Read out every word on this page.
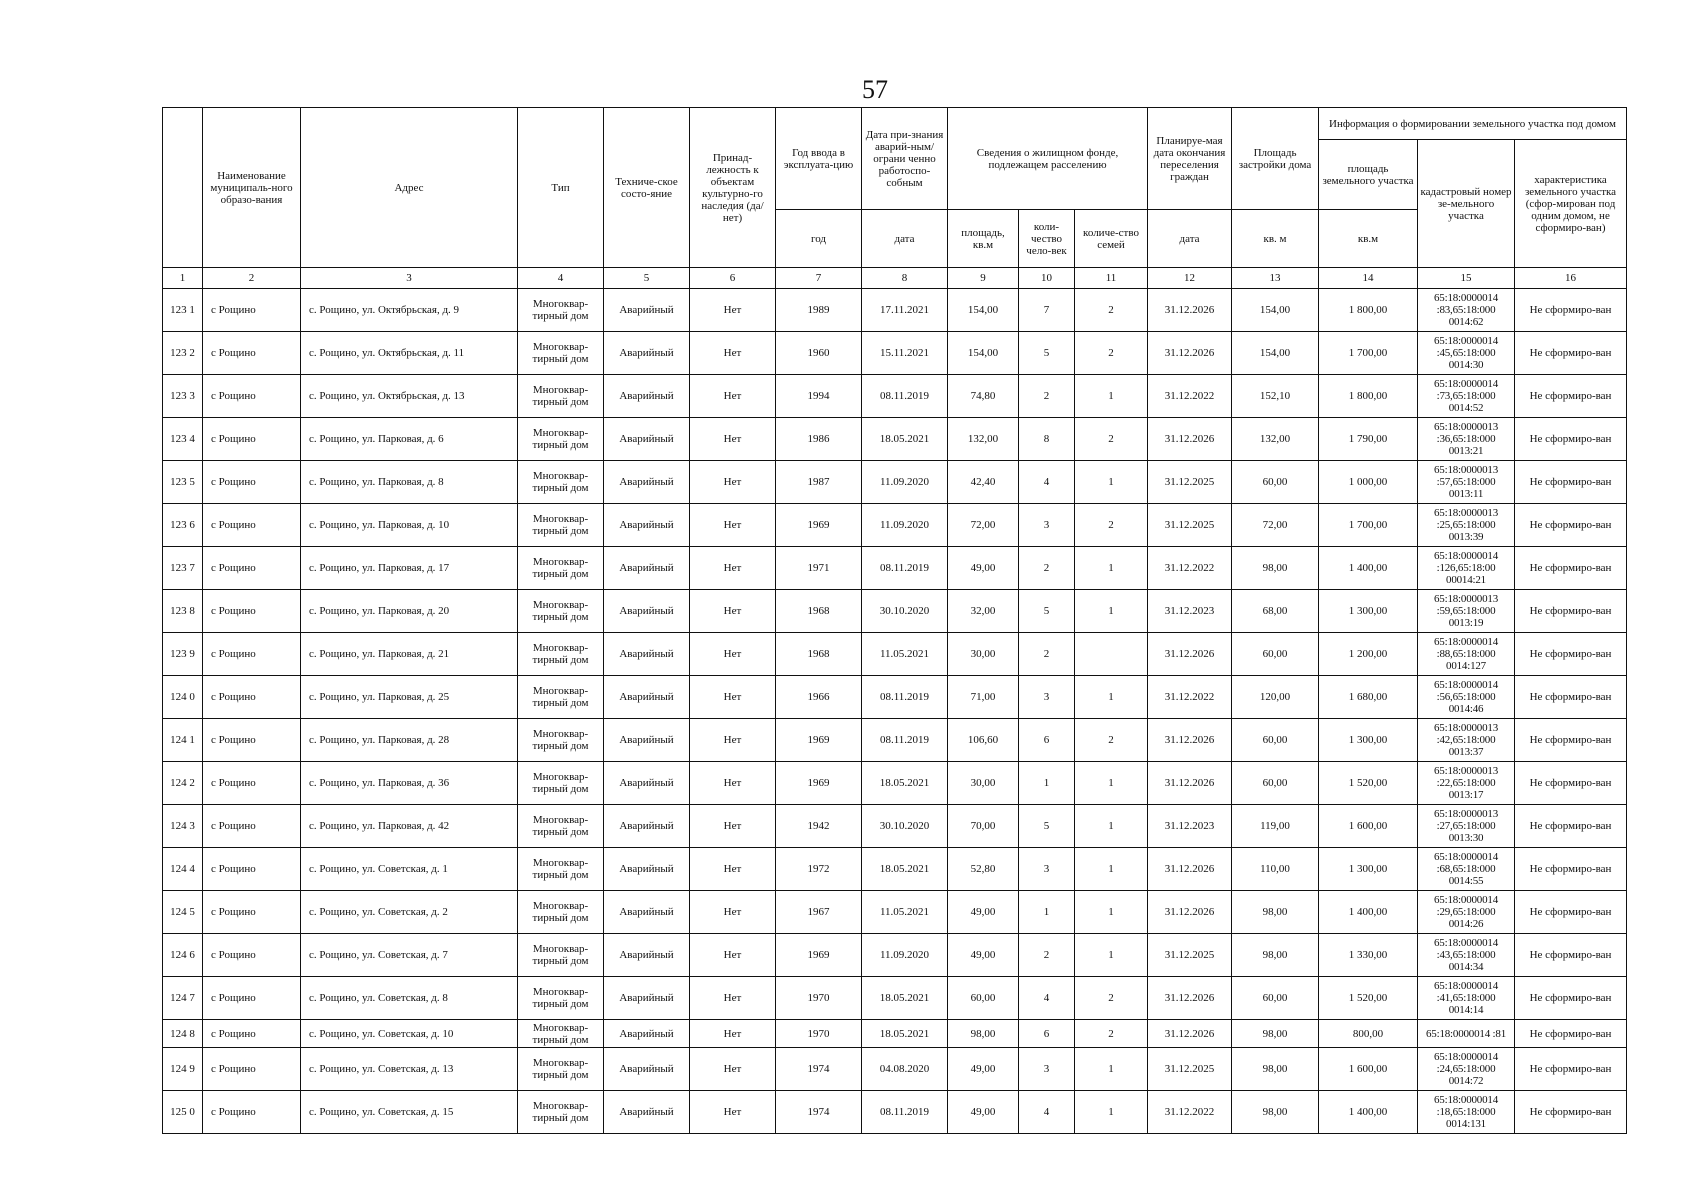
57
	Наименование муниципаль-ного образо-вания	Адрес	Тип	Техниче-ское состо-яние	Принад-лежность к объектам культурно-го наследия (да/нет)	Год ввода в эксплуата-цию	Дата при-знания аварий-ным/ограни ченно работоспо-собным	Сведения о жилищном фонде, подлежащем расселению			Планируе-мая дата окончания переселения граждан	Площадь застройки дома	Информация о формировании земельного участка под домом		
													площадь земельного участка	кадастровый номер зе-мельного участка	характеристика земельного участка (сфор-мирован под одним домом, не сформиро-ван)
						год	дата	площадь, кв.м	коли-чество чело-век	количе-ство семей	дата	кв. м	кв.м		
1	2	3	4	5	6	7	8	9	10	11	12	13	14	15	16
123 1	с Рощино	с. Рощино, ул. Октябрьская, д. 9	Многоквар-тирный дом	Аварийный	Нет	1989	17.11.2021	154,00	7	2	31.12.2026	154,00	1 800,00	65:18:0000014 :83,65:18:000 0014:62	Не сформиро-ван
123 2	с Рощино	с. Рощино, ул. Октябрьская, д. 11	Многоквар-тирный дом	Аварийный	Нет	1960	15.11.2021	154,00	5	2	31.12.2026	154,00	1 700,00	65:18:0000014 :45,65:18:000 0014:30	Не сформиро-ван
123 3	с Рощино	с. Рощино, ул. Октябрьская, д. 13	Многоквар-тирный дом	Аварийный	Нет	1994	08.11.2019	74,80	2	1	31.12.2022	152,10	1 800,00	65:18:0000014 :73,65:18:000 0014:52	Не сформиро-ван
123 4	с Рощино	с. Рощино, ул. Парковая, д. 6	Многоквар-тирный дом	Аварийный	Нет	1986	18.05.2021	132,00	8	2	31.12.2026	132,00	1 790,00	65:18:0000013 :36,65:18:000 0013:21	Не сформиро-ван
123 5	с Рощино	с. Рощино, ул. Парковая, д. 8	Многоквар-тирный дом	Аварийный	Нет	1987	11.09.2020	42,40	4	1	31.12.2025	60,00	1 000,00	65:18:0000013 :57,65:18:000 0013:11	Не сформиро-ван
123 6	с Рощино	с. Рощино, ул. Парковая, д. 10	Многоквар-тирный дом	Аварийный	Нет	1969	11.09.2020	72,00	3	2	31.12.2025	72,00	1 700,00	65:18:0000013 :25,65:18:000 0013:39	Не сформиро-ван
123 7	с Рощино	с. Рощино, ул. Парковая, д. 17	Многоквар-тирный дом	Аварийный	Нет	1971	08.11.2019	49,00	2	1	31.12.2022	98,00	1 400,00	65:18:0000014 :126,65:18:00 00014:21	Не сформиро-ван
123 8	с Рощино	с. Рощино, ул. Парковая, д. 20	Многоквар-тирный дом	Аварийный	Нет	1968	30.10.2020	32,00	5	1	31.12.2023	68,00	1 300,00	65:18:0000013 :59,65:18:000 0013:19	Не сформиро-ван
123 9	с Рощино	с. Рощино, ул. Парковая, д. 21	Многоквар-тирный дом	Аварийный	Нет	1968	11.05.2021	30,00	2		31.12.2026	60,00	1 200,00	65:18:0000014 :88,65:18:000 0014:127	Не сформиро-ван
124 0	с Рощино	с. Рощино, ул. Парковая, д. 25	Многоквар-тирный дом	Аварийный	Нет	1966	08.11.2019	71,00	3	1	31.12.2022	120,00	1 680,00	65:18:0000014 :56,65:18:000 0014:46	Не сформиро-ван
124 1	с Рощино	с. Рощино, ул. Парковая, д. 28	Многоквар-тирный дом	Аварийный	Нет	1969	08.11.2019	106,60	6	2	31.12.2026	60,00	1 300,00	65:18:0000013 :42,65:18:000 0013:37	Не сформиро-ван
124 2	с Рощино	с. Рощино, ул. Парковая, д. 36	Многоквар-тирный дом	Аварийный	Нет	1969	18.05.2021	30,00	1	1	31.12.2026	60,00	1 520,00	65:18:0000013 :22,65:18:000 0013:17	Не сформиро-ван
124 3	с Рощино	с. Рощино, ул. Парковая, д. 42	Многоквар-тирный дом	Аварийный	Нет	1942	30.10.2020	70,00	5	1	31.12.2023	119,00	1 600,00	65:18:0000013 :27,65:18:000 0013:30	Не сформиро-ван
124 4	с Рощино	с. Рощино, ул. Советская, д. 1	Многоквар-тирный дом	Аварийный	Нет	1972	18.05.2021	52,80	3	1	31.12.2026	110,00	1 300,00	65:18:0000014 :68,65:18:000 0014:55	Не сформиро-ван
124 5	с Рощино	с. Рощино, ул. Советская, д. 2	Многоквар-тирный дом	Аварийный	Нет	1967	11.05.2021	49,00	1	1	31.12.2026	98,00	1 400,00	65:18:0000014 :29,65:18:000 0014:26	Не сформиро-ван
124 6	с Рощино	с. Рощино, ул. Советская, д. 7	Многоквар-тирный дом	Аварийный	Нет	1969	11.09.2020	49,00	2	1	31.12.2025	98,00	1 330,00	65:18:0000014 :43,65:18:000 0014:34	Не сформиро-ван
124 7	с Рощино	с. Рощино, ул. Советская, д. 8	Многоквар-тирный дом	Аварийный	Нет	1970	18.05.2021	60,00	4	2	31.12.2026	60,00	1 520,00	65:18:0000014 :41,65:18:000 0014:14	Не сформиро-ван
124 8	с Рощино	с. Рощино, ул. Советская, д. 10	Многоквар-тирный дом	Аварийный	Нет	1970	18.05.2021	98,00	6	2	31.12.2026	98,00	800,00	65:18:0000014 :81	Не сформиро-ван
124 9	с Рощино	с. Рощино, ул. Советская, д. 13	Многоквар-тирный дом	Аварийный	Нет	1974	04.08.2020	49,00	3	1	31.12.2025	98,00	1 600,00	65:18:0000014 :24,65:18:000 0014:72	Не сформиро-ван
125 0	с Рощино	с. Рощино, ул. Советская, д. 15	Многоквар-тирный дом	Аварийный	Нет	1974	08.11.2019	49,00	4	1	31.12.2022	98,00	1 400,00	65:18:0000014 :18,65:18:000 0014:131	Не сформиро-ван
